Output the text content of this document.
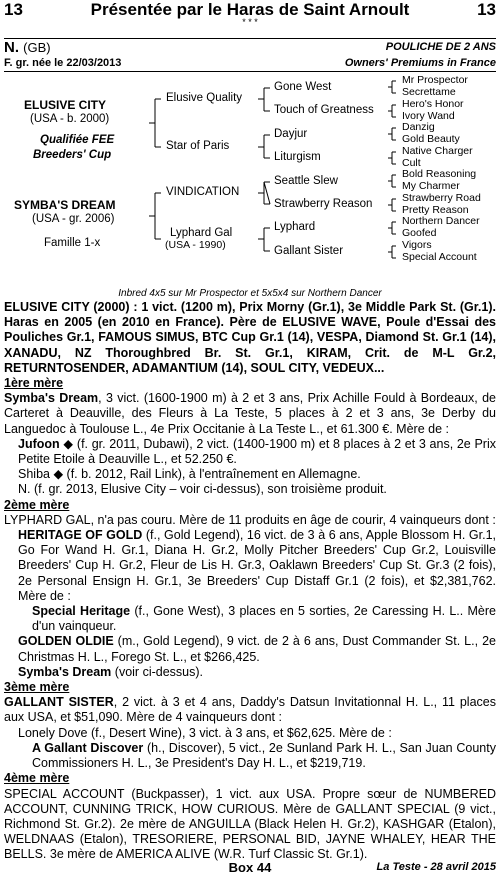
13	Présentée par le Haras de Saint Arnoult	13
* * *
N. (GB)	POULICHE DE 2 ANS
F. gr. née le 22/03/2013	Owners' Premiums in France
ELUSIVE CITY
(USA - b. 2000)
Qualifiée FEE
Breeders' Cup
SYMBA'S DREAM
(USA - gr. 2006)
Famille 1-x
Elusive Quality
Star of Paris
VINDICATION
Lyphard Gal
(USA - 1990)
Gone West
Touch of Greatness
Dayjur
Liturgism
Seattle Slew
Strawberry Reason
Lyphard
Gallant Sister
Mr Prospector
Secrettame
Hero's Honor
Ivory Wand
Danzig
Gold Beauty
Native Charger
Cult
Bold Reasoning
My Charmer
Strawberry Road
Pretty Reason
Northern Dancer
Goofed
Vigors
Special Account
Inbred 4x5 sur Mr Prospector et 5x5x4 sur Northern Dancer

ELUSIVE CITY (2000) : 1 vict. (1200 m), Prix Morny (Gr.1), 3e Middle Park St. (Gr.1). Haras en 2005 (en 2010 en France). Père de ELUSIVE WAVE, Poule d'Essai des Pouliches Gr.1, FAMOUS SIMUS, BTC Cup Gr.1 (14), VESPA, Diamond St. Gr.1 (14), XANADU, NZ Thoroughbred Br. St. Gr.1, KIRAM, Crit. de M-L Gr.2, RETURNTOSENDER, ADAMANTIUM (14), SOUL CITY, VEDEUX...

1ère mère

Symba's Dream, 3 vict. (1600-1900 m) à 2 et 3 ans, Prix Achille Fould à Bordeaux, de Carteret à Deauville, des Fleurs à La Teste, 5 places à 2 et 3 ans, 3e Derby du Languedoc à Toulouse L., 4e Prix Occitanie à La Teste L., et 61.300 €. Mère de :

Jufoon ◆ (f. gr. 2011, Dubawi), 2 vict. (1400-1900 m) et 8 places à 2 et 3 ans, 2e Prix Petite Etoile à Deauville L., et 52.250 €.

Shiba ◆ (f. b. 2012, Rail Link), à l'entraînement en Allemagne.

N. (f. gr. 2013, Elusive City – voir ci-dessus), son troisième produit.

2ème mère

LYPHARD GAL, n'a pas couru. Mère de 11 produits en âge de courir, 4 vainqueurs dont :

HERITAGE OF GOLD (f., Gold Legend), 16 vict. de 3 à 6 ans, Apple Blossom H. Gr.1, Go For Wand H. Gr.1, Diana H. Gr.2, Molly Pitcher Breeders' Cup Gr.2, Louisville Breeders' Cup H. Gr.2, Fleur de Lis H. Gr.3, Oaklawn Breeders' Cup St. Gr.3 (2 fois), 2e Personal Ensign H. Gr.1, 3e Breeders' Cup Distaff Gr.1 (2 fois), et $2,381,762. Mère de :

Special Heritage (f., Gone West), 3 places en 5 sorties, 2e Caressing H. L.. Mère d'un vainqueur.

GOLDEN OLDIE (m., Gold Legend), 9 vict. de 2 à 6 ans, Dust Commander St. L., 2e Christmas H. L., Forego St. L., et $266,425.

Symba's Dream (voir ci-dessus).

3ème mère

GALLANT SISTER, 2 vict. à 3 et 4 ans, Daddy's Datsun Invitationnal H. L., 11 places aux USA, et $51,090. Mère de 4 vainqueurs dont :

Lonely Dove (f., Desert Wine), 3 vict. à 3 ans, et $62,625. Mère de :

A Gallant Discover (h., Discover), 5 vict., 2e Sunland Park H. L., San Juan County Commissioners H. L., 3e President's Day H. L., et $219,719.

4ème mère

SPECIAL ACCOUNT (Buckpasser), 1 vict. aux USA. Propre sœur de NUMBERED ACCOUNT, CUNNING TRICK, HOW CURIOUS. Mère de GALLANT SPECIAL (9 vict., Richmond St. Gr.2). 2e mère de ANGUILLA (Black Helen H. Gr.2), KASHGAR (Etalon), WELDNAAS (Etalon), TRESORIERE, PERSONAL BID, JAYNE WHALEY, HEAR THE BELLS. 3e mère de AMERICA ALIVE (W.R. Turf Classic St. Gr.1).

Box 44	La Teste - 28 avril 2015
